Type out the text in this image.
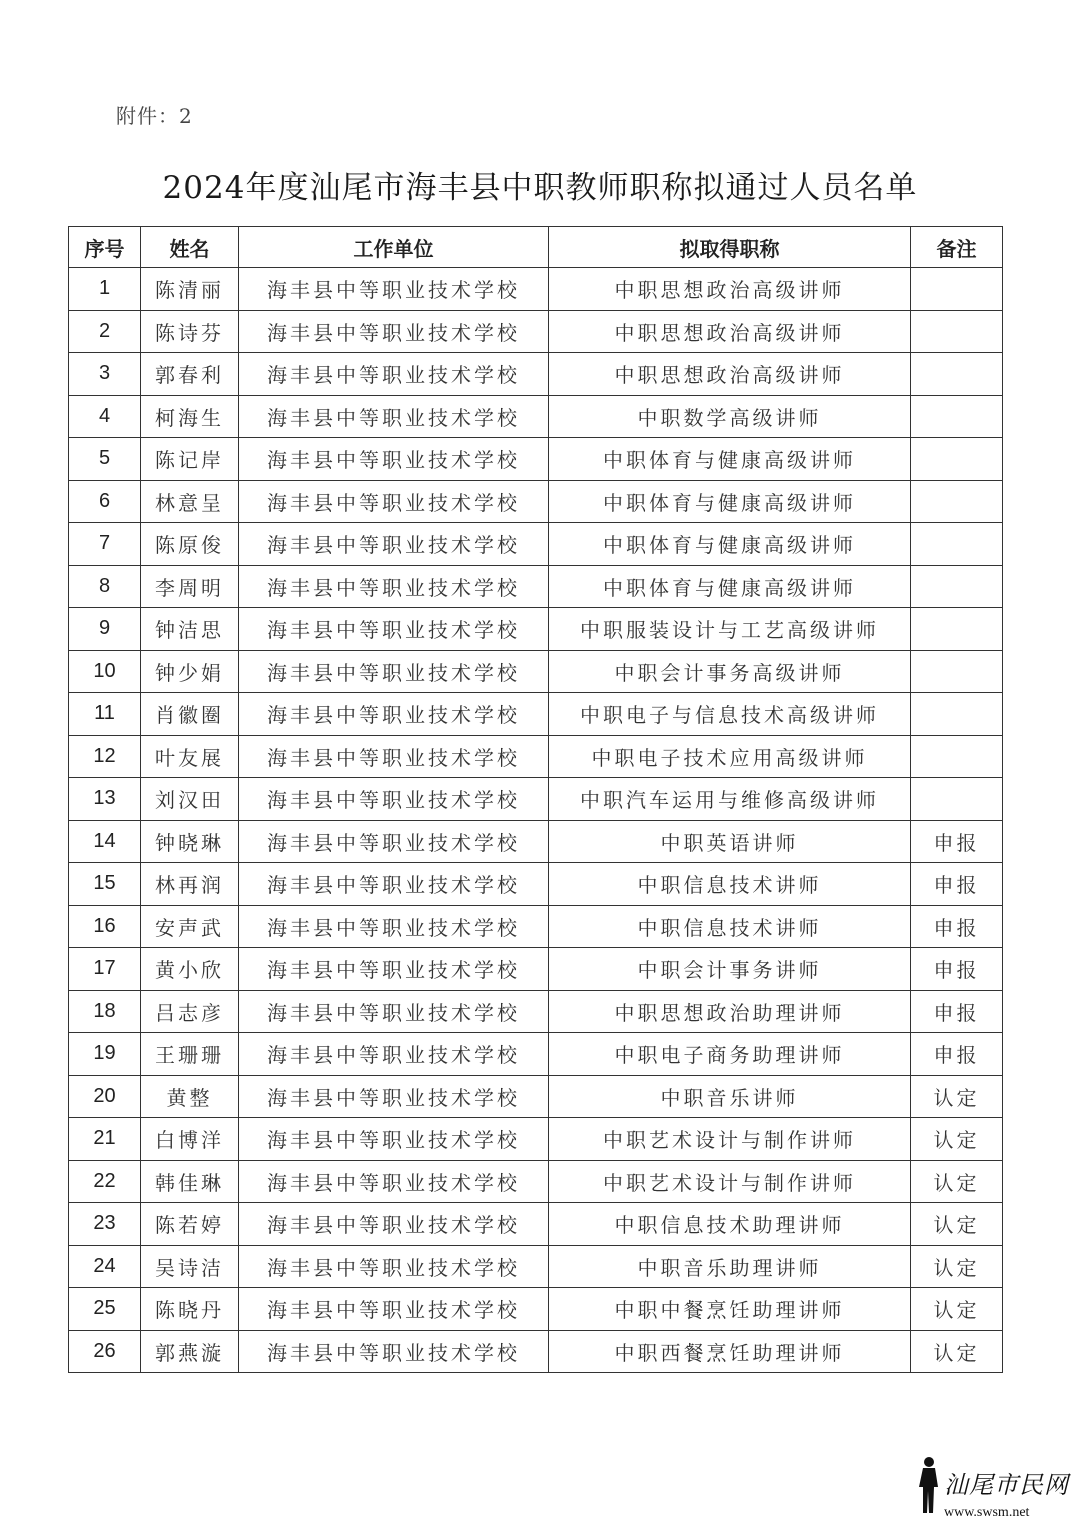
附件：2
2024年度汕尾市海丰县中职教师职称拟通过人员名单
序号	姓名	工作单位	拟取得职称	备注
1	陈清丽	海丰县中等职业技术学校	中职思想政治高级讲师	
2	陈诗芬	海丰县中等职业技术学校	中职思想政治高级讲师	
3	郭春利	海丰县中等职业技术学校	中职思想政治高级讲师	
4	柯海生	海丰县中等职业技术学校	中职数学高级讲师	
5	陈记岸	海丰县中等职业技术学校	中职体育与健康高级讲师	
6	林意呈	海丰县中等职业技术学校	中职体育与健康高级讲师	
7	陈原俊	海丰县中等职业技术学校	中职体育与健康高级讲师	
8	李周明	海丰县中等职业技术学校	中职体育与健康高级讲师	
9	钟洁思	海丰县中等职业技术学校	中职服装设计与工艺高级讲师	
10	钟少娟	海丰县中等职业技术学校	中职会计事务高级讲师	
11	肖徽圈	海丰县中等职业技术学校	中职电子与信息技术高级讲师	
12	叶友展	海丰县中等职业技术学校	中职电子技术应用高级讲师	
13	刘汉田	海丰县中等职业技术学校	中职汽车运用与维修高级讲师	
14	钟晓琳	海丰县中等职业技术学校	中职英语讲师	申报
15	林再润	海丰县中等职业技术学校	中职信息技术讲师	申报
16	安声武	海丰县中等职业技术学校	中职信息技术讲师	申报
17	黄小欣	海丰县中等职业技术学校	中职会计事务讲师	申报
18	吕志彦	海丰县中等职业技术学校	中职思想政治助理讲师	申报
19	王珊珊	海丰县中等职业技术学校	中职电子商务助理讲师	申报
20	黄整	海丰县中等职业技术学校	中职音乐讲师	认定
21	白博洋	海丰县中等职业技术学校	中职艺术设计与制作讲师	认定
22	韩佳琳	海丰县中等职业技术学校	中职艺术设计与制作讲师	认定
23	陈若婷	海丰县中等职业技术学校	中职信息技术助理讲师	认定
24	吴诗洁	海丰县中等职业技术学校	中职音乐助理讲师	认定
25	陈晓丹	海丰县中等职业技术学校	中职中餐烹饪助理讲师	认定
26	郭燕漩	海丰县中等职业技术学校	中职西餐烹饪助理讲师	认定
汕尾市民网
www.swsm.net
